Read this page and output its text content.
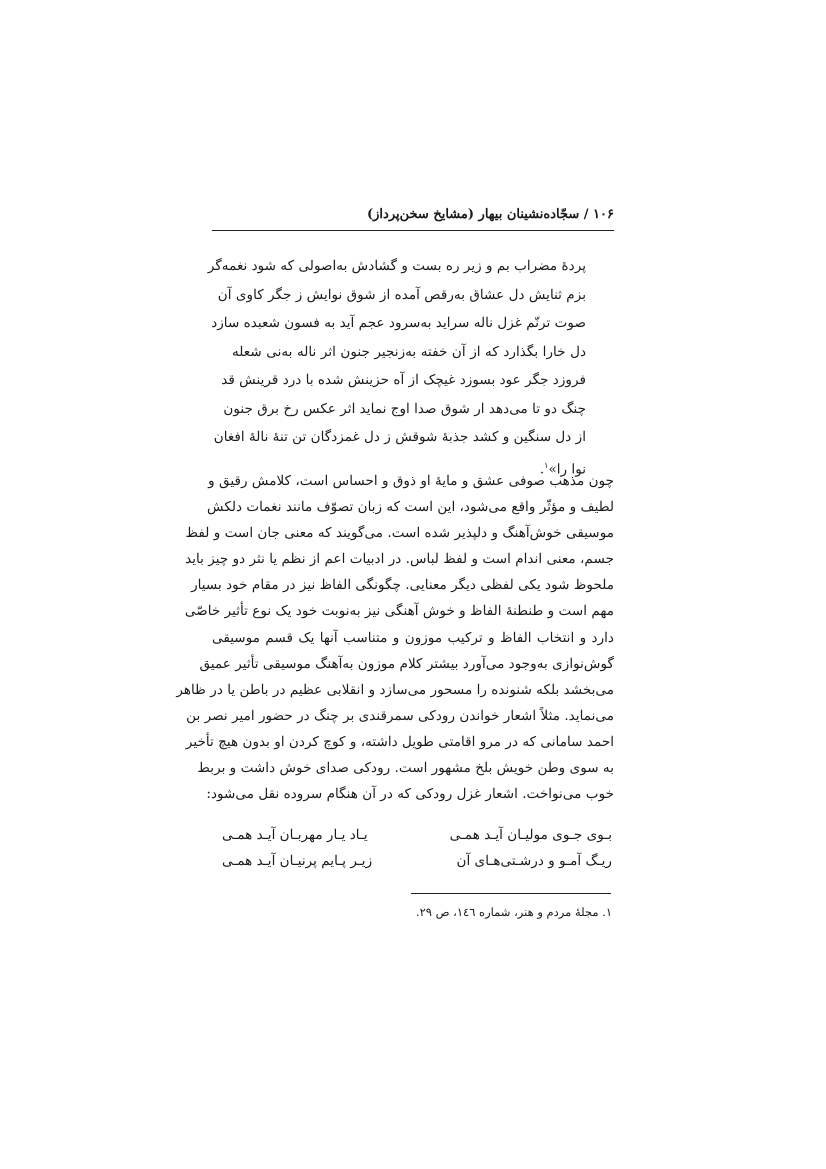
۱۰۶ / سجّاده‌نشینان بیهار (مشایخ سخن‌پرداز)
پردهٔ مضراب بم و زیر ره بست و گشادش به‌اصولی که شود نغمه‌گر
بزم ثنایش دل عشاق به‌رقص آمده از شوق نوایش ز جگر کاوی آن
صوت ترنّم غزل ناله سراید به‌سرود عجم آید به فسون شعبده سازد
دل خارا بگذارد که از آن خفته به‌زنجیر جنون اثر ناله به‌نی شعله
فروزد جگر عود بسوزد غیچک از آه حزینش شده با درد قرینش قد
چنگ دو تا می‌دهد ار شوق صدا اوج نماید اثر عکس رخ برق جنون
از دل سنگین و کشد جذبهٔ شوقش ز دل غمزدگان تن تنهٔ نالهٔ افغان
نوا را»$^۱$.
چون مذهب صوفی عشق و مایهٔ او ذوق و احساس است، کلامش رقیق و
لطیف و مؤثّر واقع می‌شود، این است که زبان تصوّف مانند نغمات دلکش
موسیقی خوش‌آهنگ و دلپذیر شده است. می‌گویند که معنی جان است و لفظ
جسم، معنی اندام است و لفظ لباس. در ادبیات اعم از نظم یا نثر دو چیز باید
ملحوظ شود یکی لفظی دیگر معنایی. چگونگی الفاظ نیز در مقام خود بسیار
مهم است و طنطنهٔ الفاظ و خوش آهنگی نیز به‌نوبت خود یک نوع تأثیر خاصّی
دارد و انتخاب الفاظ و ترکیب موزون و متناسب آنها یک قسم موسیقی
گوش‌نوازی به‌وجود می‌آورد بیشتر کلام موزون به‌آهنگ موسیقی تأثیر عمیق
می‌بخشد بلکه شنونده را مسحور می‌سازد و انقلابی عظیم در باطن یا در ظاهر
می‌نماید. مثلاً اشعار خواندن رودکی سمرقندی بر چنگ در حضور امیر نصر بن
احمد سامانی که در مرو اقامتی طویل داشته، و کوچ کردن او بدون هیچ تأخیر
به سوی وطن خویش بلخ مشهور است. رودکی صدای خوش داشت و بربط
خوب می‌نواخت. اشعار غزل رودکی که در آن هنگام سروده نقل می‌شود:
بـوی جـوی مولیـان آیـد همـی
یـاد یـار مهربـان آیـد همـی
ریـگ آمـو و درشـتی‌هـای آن
زیـر پـایم پرنیـان آیـد همـی
۱. مجلهٔ مردم و هنر، شماره ۱٤٦، ص ۲۹.
